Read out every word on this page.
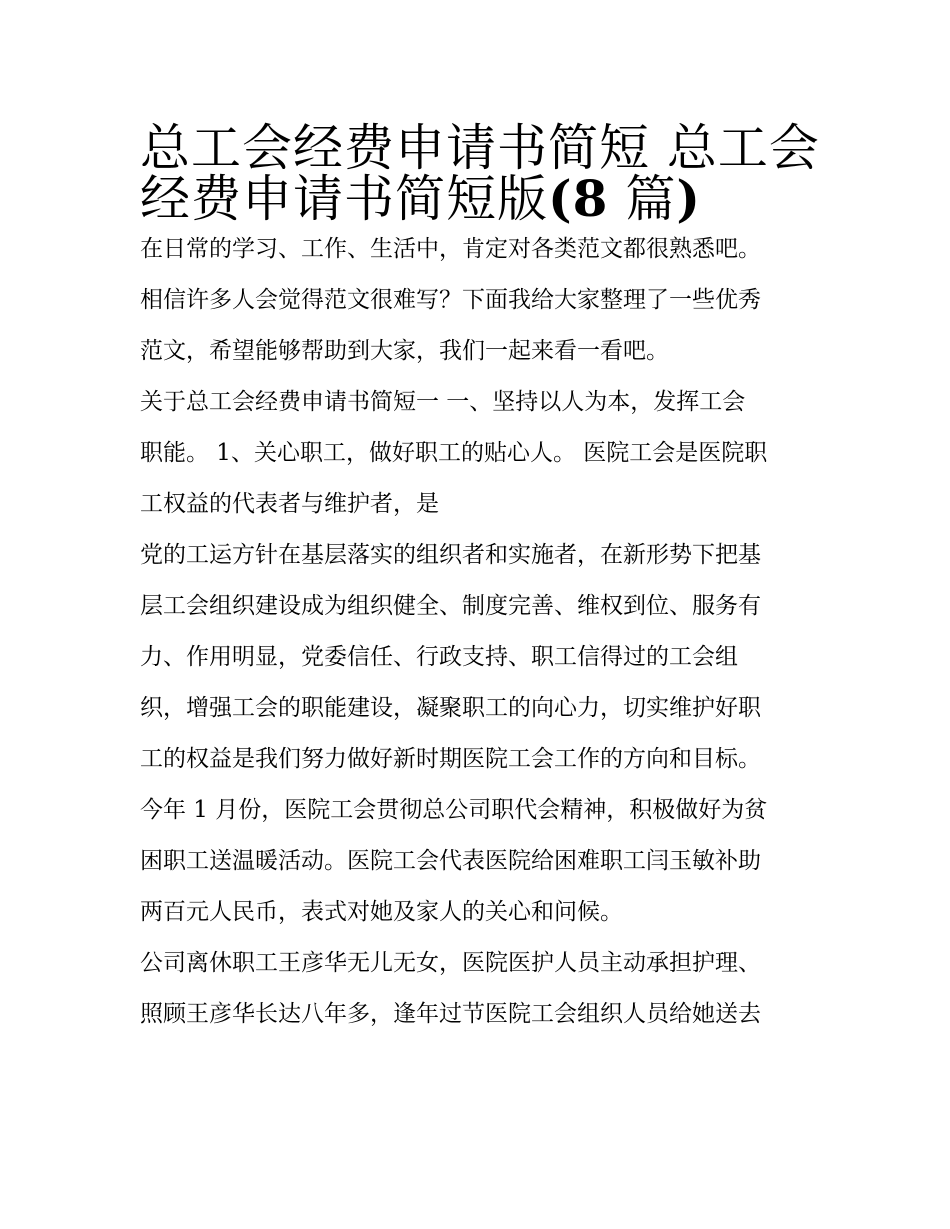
总工会经费申请书简短 总工会
经费申请书简短版(8 篇)
在日常的学习、工作、生活中，肯定对各类范文都很熟悉吧。
相信许多人会觉得范文很难写？下面我给大家整理了一些优秀
范文，希望能够帮助到大家，我们一起来看一看吧。
关于总工会经费申请书简短一 一、坚持以人为本，发挥工会
职能。 1、关心职工，做好职工的贴心人。 医院工会是医院职
工权益的代表者与维护者，是
党的工运方针在基层落实的组织者和实施者，在新形势下把基
层工会组织建设成为组织健全、制度完善、维权到位、服务有
力、作用明显，党委信任、行政支持、职工信得过的工会组
织，增强工会的职能建设，凝聚职工的向心力，切实维护好职
工的权益是我们努力做好新时期医院工会工作的方向和目标。
今年 1 月份，医院工会贯彻总公司职代会精神，积极做好为贫
困职工送温暖活动。医院工会代表医院给困难职工闫玉敏补助
两百元人民币，表式对她及家人的关心和问候。
公司离休职工王彦华无儿无女，医院医护人员主动承担护理、
照顾王彦华长达八年多，逢年过节医院工会组织人员给她送去
